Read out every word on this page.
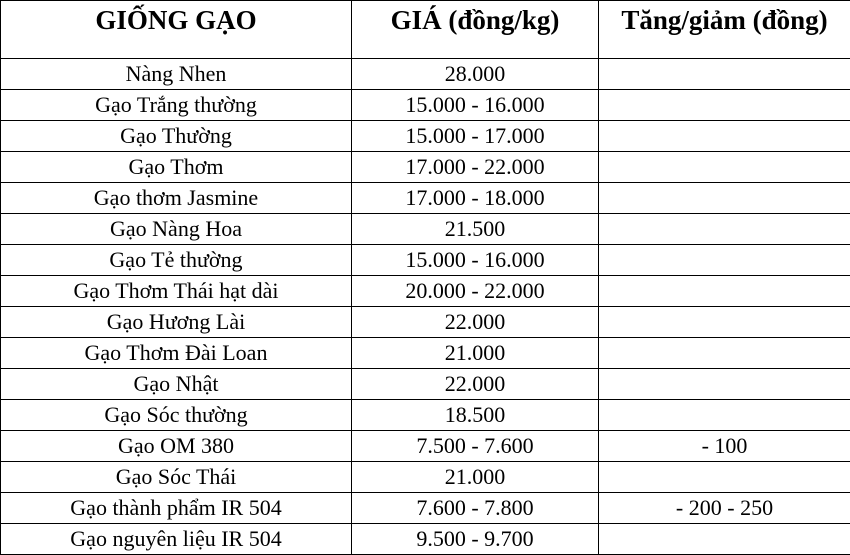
GIỐNG GẠO	GIÁ (đồng/kg)	Tăng/giảm (đồng)
Nàng Nhen	28.000	
Gạo Trắng thường	15.000 - 16.000	
Gạo Thường	15.000 - 17.000	
Gạo Thơm	17.000 - 22.000	
Gạo thơm Jasmine	17.000 - 18.000	
Gạo Nàng Hoa	21.500	
Gạo Tẻ thường	15.000 - 16.000	
Gạo Thơm Thái hạt dài	20.000 - 22.000	
Gạo Hương Lài	22.000	
Gạo Thơm Đài Loan	21.000	
Gạo Nhật	22.000	
Gạo Sóc thường	18.500	
Gạo OM 380	7.500 - 7.600	- 100
Gạo Sóc Thái	21.000	
Gạo thành phẩm IR 504	7.600 - 7.800	- 200 - 250
Gạo nguyên liệu IR 504	9.500 - 9.700	
